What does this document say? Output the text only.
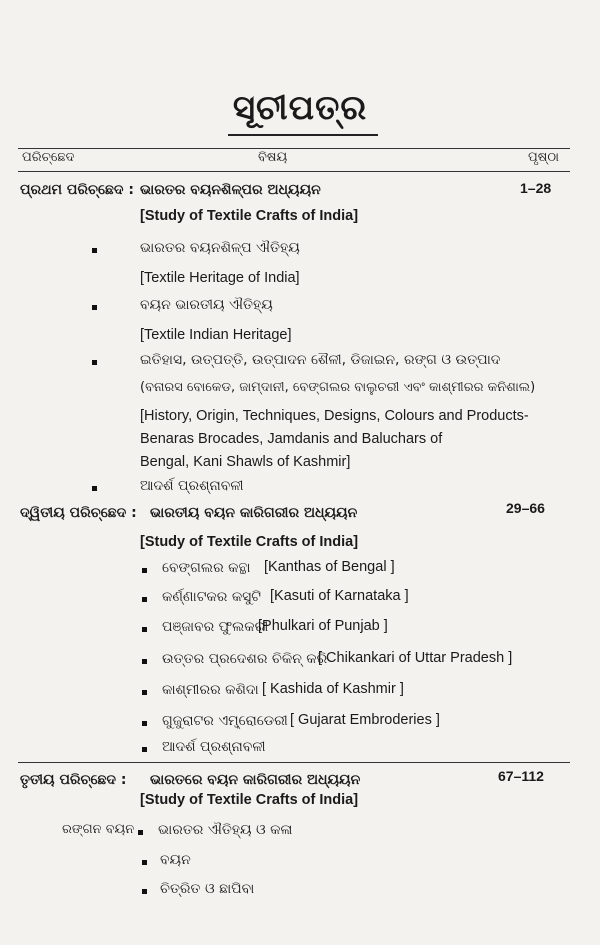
ସୂଚୀପତ୍ର
ପରିଚ୍ଛେଦ	ବିଷୟ	ପୃଷ୍ଠା
ପ୍ରଥମ ପରିଚ୍ଛେଦ : ଭାରତର ବୟନଶିଳ୍ପର ଅଧ୍ୟୟନ	1–28
[Study of Textile Crafts of India]
ଭାରତର ବୟନଶିଳ୍ପ ଐତିହ୍ୟ
[Textile Heritage of India]
ବୟନ ଭାରତୀୟ ଐତିହ୍ୟ
[Textile Indian Heritage]
ଇତିହାସ, ଉତ୍ପତ୍ତି, ଉତ୍ପାଦନ ଶୈଳୀ, ଡିଜାଇନ, ରଙ୍ଗ ଓ ଉତ୍ପାଦ
(ବନାରସ ବୋକେଡ, ଜାମ୍‌ଦାନୀ, ବେଙ୍ଗଲର ବାଲୁଚରୀ ଏବଂ କାଶ୍ମୀରର କନିଶାଲ)
[History, Origin, Techniques, Designs, Colours and Products-
Benaras Brocades, Jamdanis and Baluchars of
Bengal, Kani Shawls of Kashmir]
ଆଦର୍ଶ ପ୍ରଶ୍ନାବଳୀ
ଦ୍ୱିତୀୟ ପରିଚ୍ଛେଦ : ଭାରତୀୟ ବୟନ କାରିଗରୀର ଅଧ୍ୟୟନ	29–66
[Study of Textile Crafts of India]
ବେଙ୍ଗଲର କନ୍ଥା [Kanthas of Bengal ]
କର୍ଣ୍ଣାଟକର କସୁଟି [Kasuti of Karnataka ]
ପଞ୍ଜାବର ଫୁଲକରୀ
[Phulkari of Punjab ]
ଉତ୍ତର ପ୍ରଦେଶର ଚିକିନ୍ କରି
[ Chikankari of Uttar Pradesh ]
କାଶ୍ମୀରର କଶିଦା [ Kashida of Kashmir ]
ଗୁଜୁରାଟର ଏମ୍ବ୍ରୋଡେରୀ [ Gujarat Embroderies ]
ଆଦର୍ଶ ପ୍ରଶ୍ନାବଳୀ
ତୃତୀୟ ପରିଚ୍ଛେଦ : ଭାରତରେ ବୟନ କାରିଗରୀର ଅଧ୍ୟୟନ	67–112
[Study of Textile Crafts of India]
ରଙ୍ଗନ ବୟନ ଭାରତର ଐତିହ୍ୟ ଓ କଳା
ବୟନ
ଚିତ୍ରିତ ଓ ଛାପିବା
